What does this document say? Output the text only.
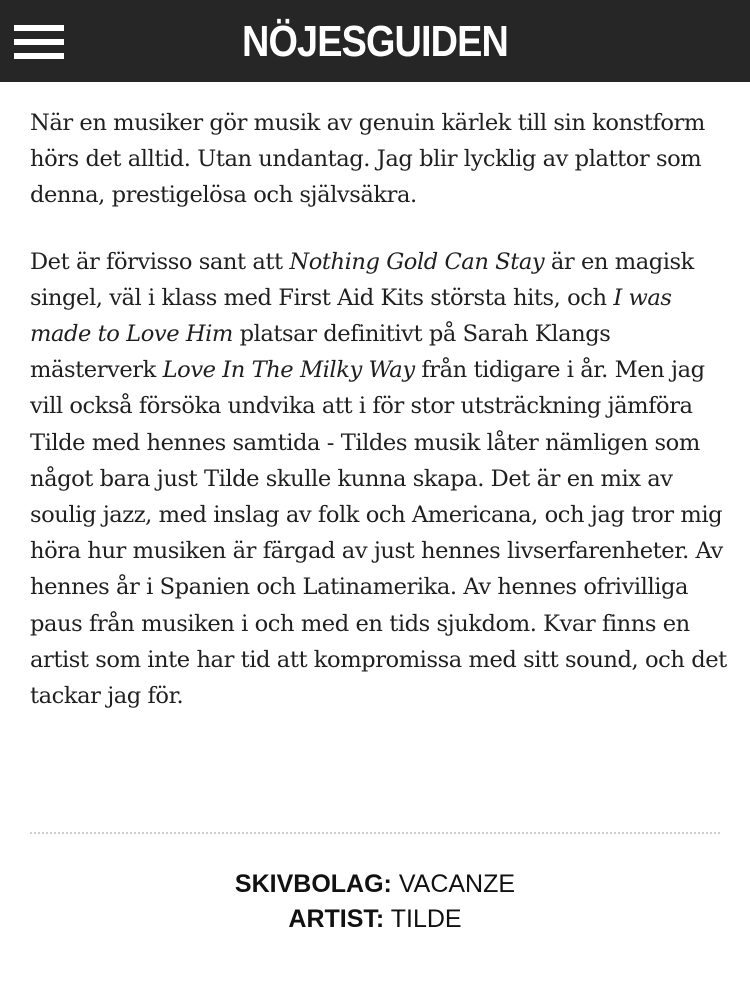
NÖJESGUIDEN

När en musiker gör musik av genuin kärlek till sin konstform hörs det alltid. Utan undantag. Jag blir lycklig av plattor som denna, prestigelösa och självsäkra.

Det är förvisso sant att Nothing Gold Can Stay är en magisk singel, väl i klass med First Aid Kits största hits, och I was made to Love Him platsar definitivt på Sarah Klangs mästerverk Love In The Milky Way från tidigare i år. Men jag vill också försöka undvika att i för stor utsträckning jämföra Tilde med hennes samtida - Tildes musik låter nämligen som något bara just Tilde skulle kunna skapa. Det är en mix av soulig jazz, med inslag av folk och Americana, och jag tror mig höra hur musiken är färgad av just hennes livserfarenheter. Av hennes år i Spanien och Latinamerika. Av hennes ofrivilliga paus från musiken i och med en tids sjukdom. Kvar finns en artist som inte har tid att kompromissa med sitt sound, och det tackar jag för.

SKIVBOLAG: VACANZE
ARTIST: TILDE
